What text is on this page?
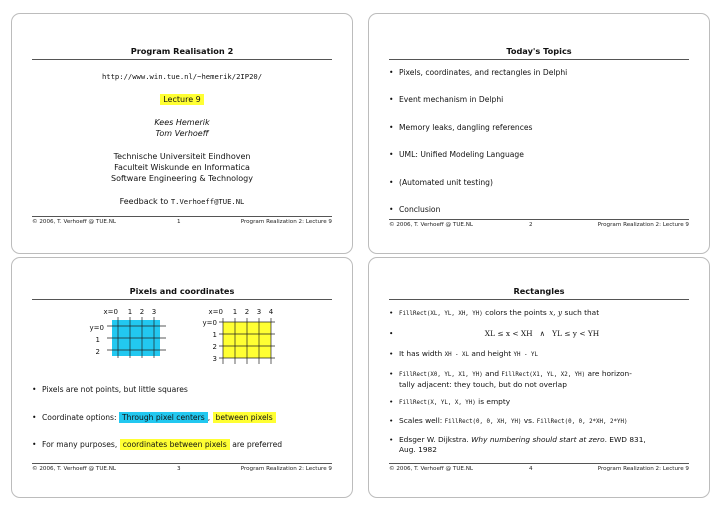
Program Realisation 2
http://www.win.tue.nl/~hemerik/2IP20/
Lecture 9
Kees Hemerik
Tom Verhoeff
Technische Universiteit Eindhoven
Faculteit Wiskunde en Informatica
Software Engineering & Technology
Feedback to T.Verhoeff@TUE.NL
© 2006, T. Verhoeff @ TUE.NL	1	Program Realization 2: Lecture 9
Today's Topics
• Pixels, coordinates, and rectangles in Delphi
• Event mechanism in Delphi
• Memory leaks, dangling references
• UML: Unified Modeling Language
• (Automated unit testing)
• Conclusion
© 2006, T. Verhoeff @ TUE.NL	2	Program Realization 2: Lecture 9
Pixels and coordinates
x=0 1 2 3
y=0
1
2
x=0 1 2 3 4
y=0
1
2
3
• Pixels are not points, but little squares
• Coordinate options: Through pixel centers , between pixels
• For many purposes, coordinates between pixels are preferred
© 2006, T. Verhoeff @ TUE.NL	3	Program Realization 2: Lecture 9
Rectangles
• FillRect(XL, YL, XH, YH) colors the points x, y such that
• XL ≤ x < XH   ∧   YL ≤ y < YH
• It has width XH - XL and height YH - YL
• FillRect(X0, YL, X1, YH) and FillRect(X1, YL, X2, YH) are horizon-
tally adjacent: they touch, but do not overlap
• FillRect(X, YL, X, YH) is empty
• Scales well: FillRect(0, 0, XH, YH) vs. FillRect(0, 0, 2*XH, 2*YH)
• Edsger W. Dijkstra. Why numbering should start at zero. EWD 831,
Aug. 1982
© 2006, T. Verhoeff @ TUE.NL	4	Program Realization 2: Lecture 9
